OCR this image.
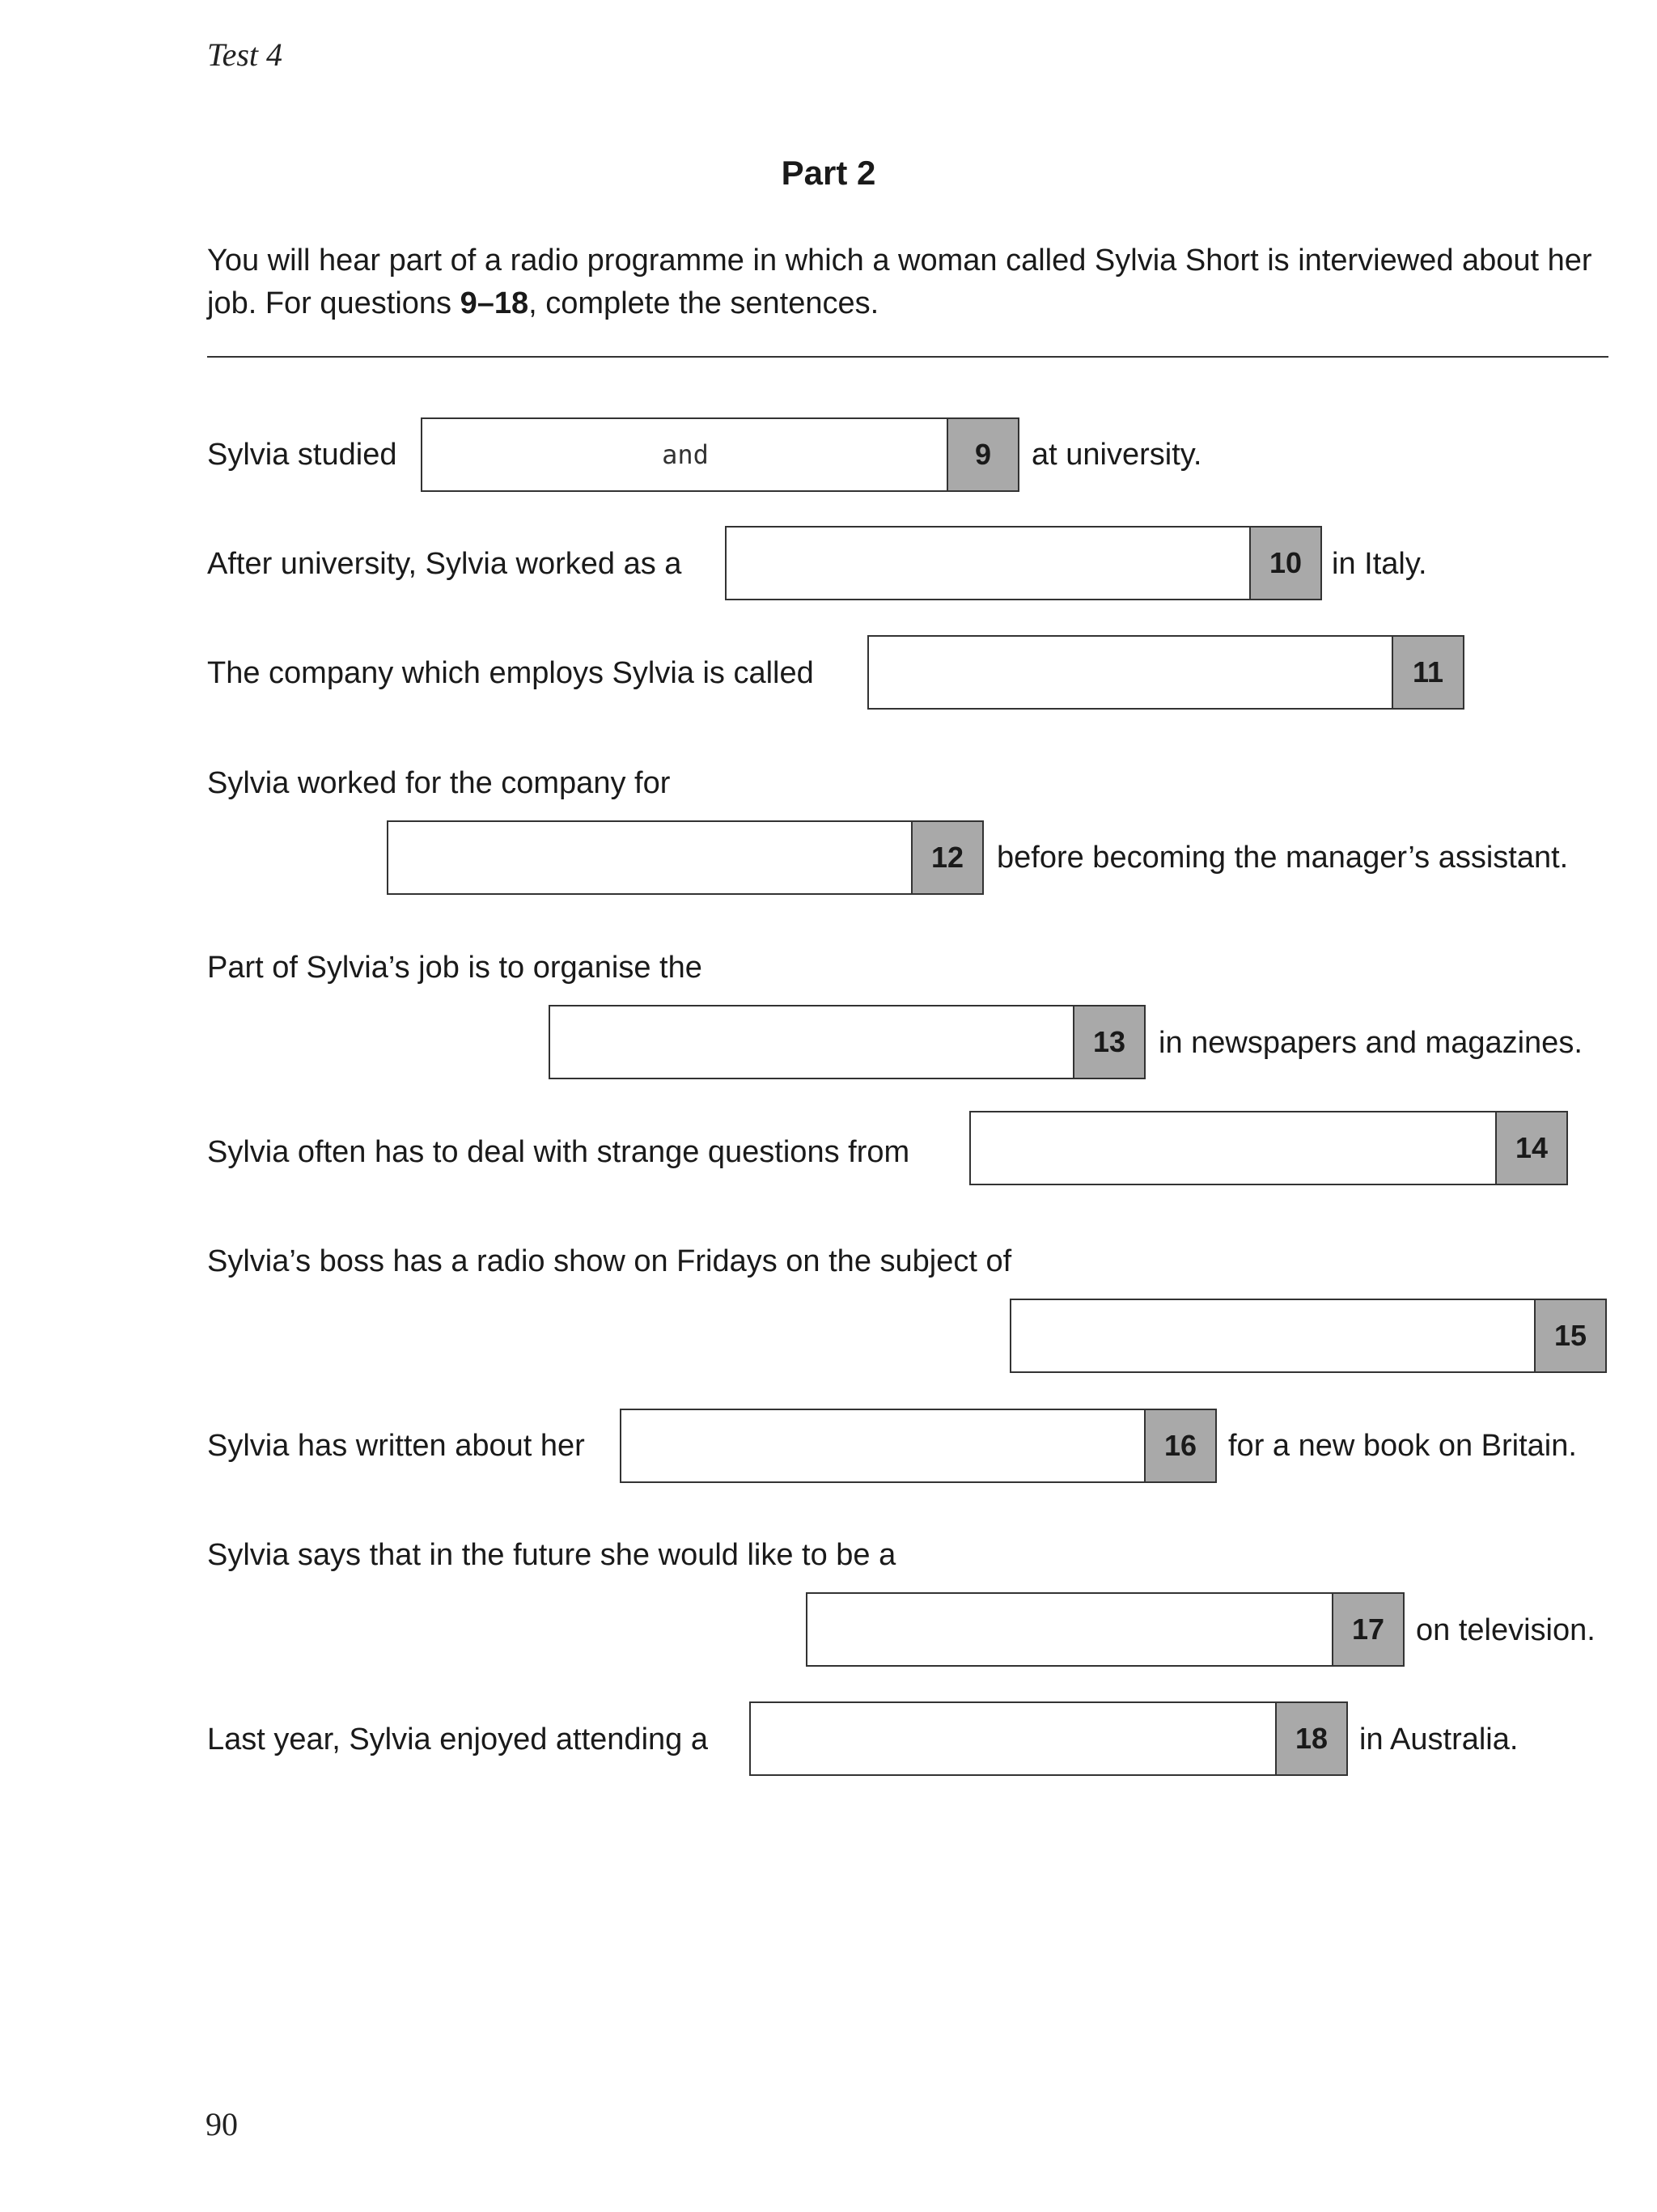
Test 4
Part 2
You will hear part of a radio programme in which a woman called Sylvia Short is interviewed about her job. For questions 9–18, complete the sentences.
Sylvia studied	and	9	at university.
After university, Sylvia worked as a	10 in Italy.
The company which employs Sylvia is called	11
Sylvia worked for the company for
12	before becoming the manager’s assistant.
Part of Sylvia’s job is to organise the
13	in newspapers and magazines.
Sylvia often has to deal with strange questions from	14
Sylvia’s boss has a radio show on Fridays on the subject of
15
Sylvia has written about her	16	for a new book on Britain.
Sylvia says that in the future she would like to be a
17	on television.
Last year, Sylvia enjoyed attending a	18	in Australia.
90
